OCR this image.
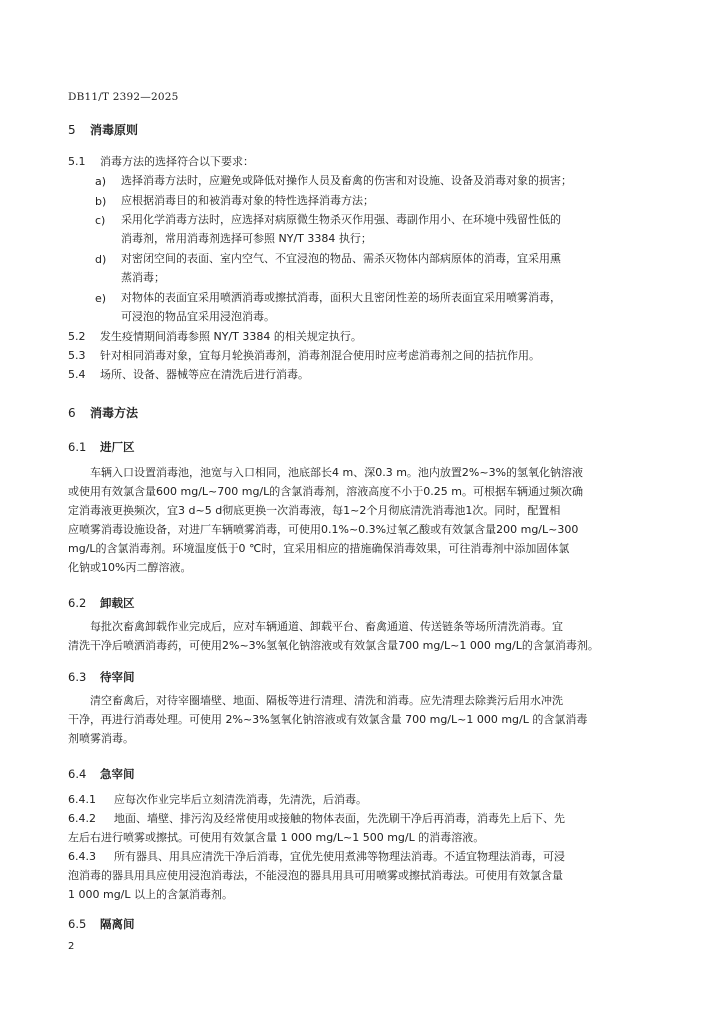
DB11/T 2392—2025
5 消毒原则
5.1 消毒方法的选择符合以下要求：
a) 选择消毒方法时，应避免或降低对操作人员及畜禽的伤害和对设施、设备及消毒对象的损害；
b) 应根据消毒目的和被消毒对象的特性选择消毒方法；
c) 采用化学消毒方法时，应选择对病原微生物杀灭作用强、毒副作用小、在环境中残留性低的
消毒剂，常用消毒剂选择可参照 NY/T 3384 执行；
d) 对密闭空间的表面、室内空气、不宜浸泡的物品、需杀灭物体内部病原体的消毒，宜采用熏
蒸消毒；
e) 对物体的表面宜采用喷洒消毒或擦拭消毒，面积大且密闭性差的场所表面宜采用喷雾消毒，
可浸泡的物品宜采用浸泡消毒。
5.2 发生疫情期间消毒参照 NY/T 3384 的相关规定执行。
5.3 针对相同消毒对象，宜每月轮换消毒剂，消毒剂混合使用时应考虑消毒剂之间的拮抗作用。
5.4 场所、设备、器械等应在清洗后进行消毒。
6 消毒方法
6.1 进厂区
车辆入口设置消毒池，池宽与入口相同，池底部长4 m、深0.3 m。池内放置2%~3%的氢氧化钠溶液
或使用有效氯含量600 mg/L~700 mg/L的含氯消毒剂，溶液高度不小于0.25 m。可根据车辆通过频次确
定消毒液更换频次，宜3 d~5 d彻底更换一次消毒液，每1~2个月彻底清洗消毒池1次。同时，配置相
应喷雾消毒设施设备，对进厂车辆喷雾消毒，可使用0.1%~0.3%过氧乙酸或有效氯含量200 mg/L~300
mg/L的含氯消毒剂。环境温度低于0 ℃时，宜采用相应的措施确保消毒效果，可往消毒剂中添加固体氯
化钠或10%丙二醇溶液。
6.2 卸载区
每批次畜禽卸载作业完成后，应对车辆通道、卸载平台、畜禽通道、传送链条等场所清洗消毒。宜
清洗干净后喷洒消毒药，可使用2%~3%氢氧化钠溶液或有效氯含量700 mg/L~1 000 mg/L的含氯消毒剂。
6.3 待宰间
清空畜禽后，对待宰圈墙壁、地面、隔板等进行清理、清洗和消毒。应先清理去除粪污后用水冲洗
干净，再进行消毒处理。可使用 2%~3%氢氧化钠溶液或有效氯含量 700 mg/L~1 000 mg/L 的含氯消毒
剂喷雾消毒。
6.4 急宰间
6.4.1 应每次作业完毕后立刻清洗消毒，先清洗，后消毒。
6.4.2 地面、墙壁、排污沟及经常使用或接触的物体表面，先洗刷干净后再消毒，消毒先上后下、先
左后右进行喷雾或擦拭。可使用有效氯含量 1 000 mg/L~1 500 mg/L 的消毒溶液。
6.4.3 所有器具、用具应清洗干净后消毒，宜优先使用煮沸等物理法消毒。不适宜物理法消毒，可浸
泡消毒的器具用具应使用浸泡消毒法，不能浸泡的器具用具可用喷雾或擦拭消毒法。可使用有效氯含量
1 000 mg/L 以上的含氯消毒剂。
6.5 隔离间
2
